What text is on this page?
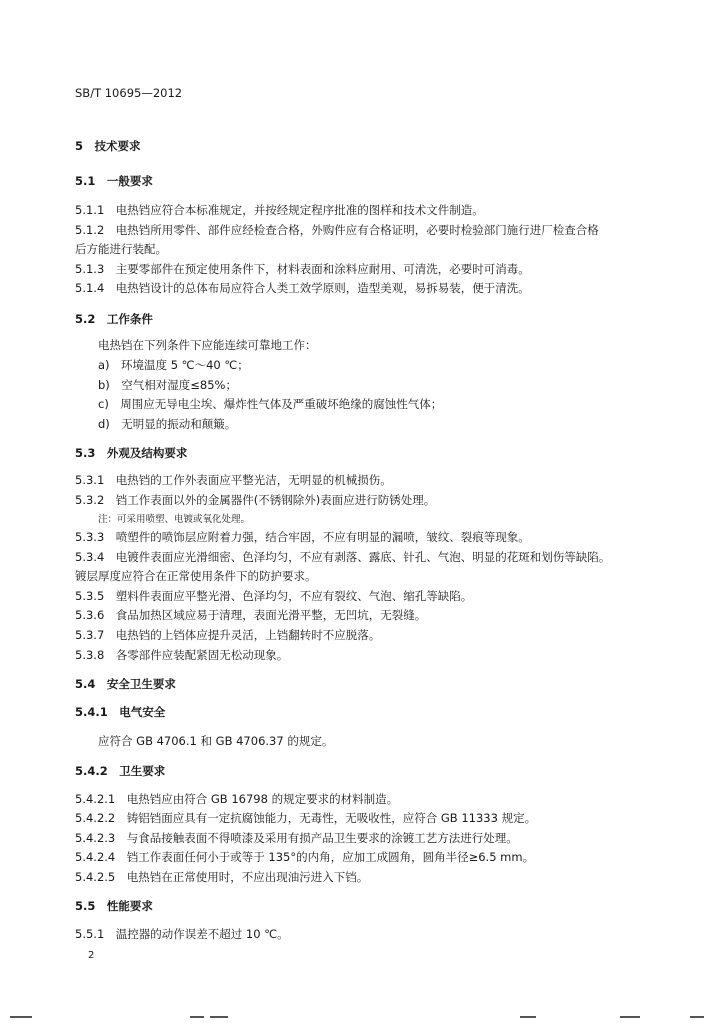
SB/T 10695—2012
5　技术要求
5.1　一般要求
5.1.1　电热铛应符合本标准规定，并按经规定程序批准的图样和技术文件制造。
5.1.2　电热铛所用零件、部件应经检查合格，外购件应有合格证明，必要时检验部门施行进厂检查合格
后方能进行装配。
5.1.3　主要零部件在预定使用条件下，材料表面和涂料应耐用、可清洗，必要时可消毒。
5.1.4　电热铛设计的总体布局应符合人类工效学原则，造型美观，易拆易装，便于清洗。
5.2　工作条件
电热铛在下列条件下应能连续可靠地工作：
a)　环境温度 5 ℃～40 ℃；
b)　空气相对湿度≤85%；
c)　周围应无导电尘埃、爆炸性气体及严重破坏绝缘的腐蚀性气体；
d)　无明显的振动和颠簸。
5.3　外观及结构要求
5.3.1　电热铛的工作外表面应平整光洁，无明显的机械损伤。
5.3.2　铛工作表面以外的金属器件(不锈钢除外)表面应进行防锈处理。
注：可采用喷塑、电镀或氧化处理。
5.3.3　喷塑件的喷饰层应附着力强，结合牢固，不应有明显的漏喷，皱纹、裂痕等现象。
5.3.4　电镀件表面应光滑细密、色泽均匀，不应有剥落、露底、针孔、气泡、明显的花斑和划伤等缺陷。
镀层厚度应符合在正常使用条件下的防护要求。
5.3.5　塑料件表面应平整光滑、色泽均匀，不应有裂纹、气泡、缩孔等缺陷。
5.3.6　食品加热区域应易于清理，表面光滑平整，无凹坑，无裂缝。
5.3.7　电热铛的上铛体应提升灵活，上铛翻转时不应脱落。
5.3.8　各零部件应装配紧固无松动现象。
5.4　安全卫生要求
5.4.1　电气安全
应符合 GB 4706.1 和 GB 4706.37 的规定。
5.4.2　卫生要求
5.4.2.1　电热铛应由符合 GB 16798 的规定要求的材料制造。
5.4.2.2　铸铝铛面应具有一定抗腐蚀能力，无毒性，无吸收性，应符合 GB 11333 规定。
5.4.2.3　与食品接触表面不得喷漆及采用有损产品卫生要求的涂镀工艺方法进行处理。
5.4.2.4　铛工作表面任何小于或等于 135°的内角，应加工成圆角，圆角半径≥6.5 mm。
5.4.2.5　电热铛在正常使用时，不应出现油污进入下铛。
5.5　性能要求
5.5.1　温控器的动作误差不超过 10 ℃。
2
